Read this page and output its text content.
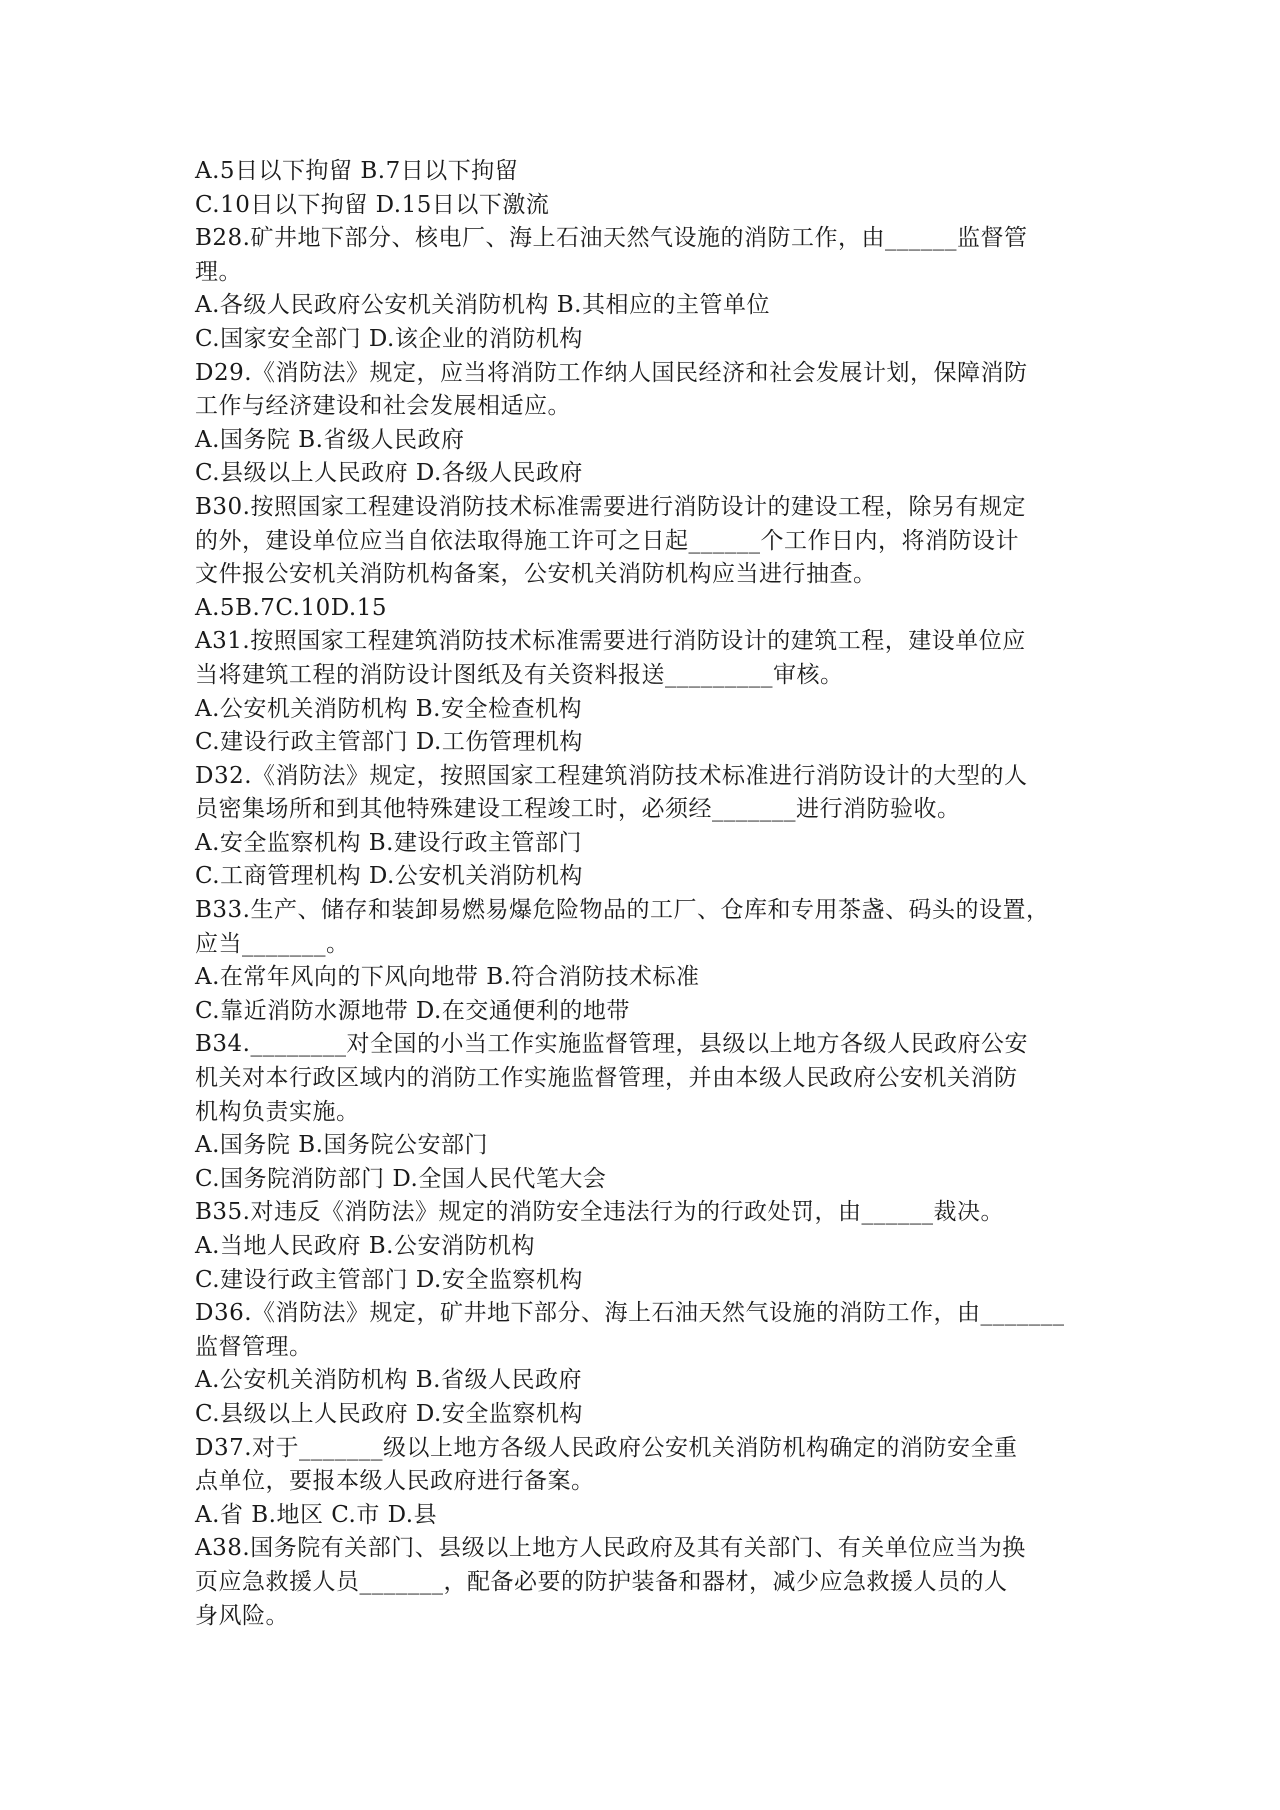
A.5日以下拘留 B.7日以下拘留
C.10日以下拘留 D.15日以下激流
B28.矿井地下部分、核电厂、海上石油天然气设施的消防工作，由______监督管
理。
A.各级人民政府公安机关消防机构 B.其相应的主管单位
C.国家安全部门 D.该企业的消防机构
D29.《消防法》规定，应当将消防工作纳人国民经济和社会发展计划，保障消防
工作与经济建设和社会发展相适应。
A.国务院 B.省级人民政府
C.县级以上人民政府 D.各级人民政府
B30.按照国家工程建设消防技术标准需要进行消防设计的建设工程，除另有规定
的外，建设单位应当自依法取得施工许可之日起______个工作日内，将消防设计
文件报公安机关消防机构备案，公安机关消防机构应当进行抽查。
A.5B.7C.10D.15
A31.按照国家工程建筑消防技术标准需要进行消防设计的建筑工程，建设单位应
当将建筑工程的消防设计图纸及有关资料报送_________审核。
A.公安机关消防机构 B.安全检查机构
C.建设行政主管部门 D.工伤管理机构
D32.《消防法》规定，按照国家工程建筑消防技术标准进行消防设计的大型的人
员密集场所和到其他特殊建设工程竣工时，必须经_______进行消防验收。
A.安全监察机构 B.建设行政主管部门
C.工商管理机构 D.公安机关消防机构
B33.生产、储存和装卸易燃易爆危险物品的工厂、仓库和专用茶盏、码头的设置，
应当_______。
A.在常年风向的下风向地带 B.符合消防技术标准
C.靠近消防水源地带 D.在交通便利的地带
B34.________对全国的小当工作实施监督管理，县级以上地方各级人民政府公安
机关对本行政区域内的消防工作实施监督管理，并由本级人民政府公安机关消防
机构负责实施。
A.国务院 B.国务院公安部门
C.国务院消防部门 D.全国人民代笔大会
B35.对违反《消防法》规定的消防安全违法行为的行政处罚，由______裁决。
A.当地人民政府 B.公安消防机构
C.建设行政主管部门 D.安全监察机构
D36.《消防法》规定，矿井地下部分、海上石油天然气设施的消防工作，由_______
监督管理。
A.公安机关消防机构 B.省级人民政府
C.县级以上人民政府 D.安全监察机构
D37.对于_______级以上地方各级人民政府公安机关消防机构确定的消防安全重
点单位，要报本级人民政府进行备案。
A.省 B.地区 C.市 D.县
A38.国务院有关部门、县级以上地方人民政府及其有关部门、有关单位应当为换
页应急救援人员_______，配备必要的防护装备和器材，减少应急救援人员的人
身风险。
